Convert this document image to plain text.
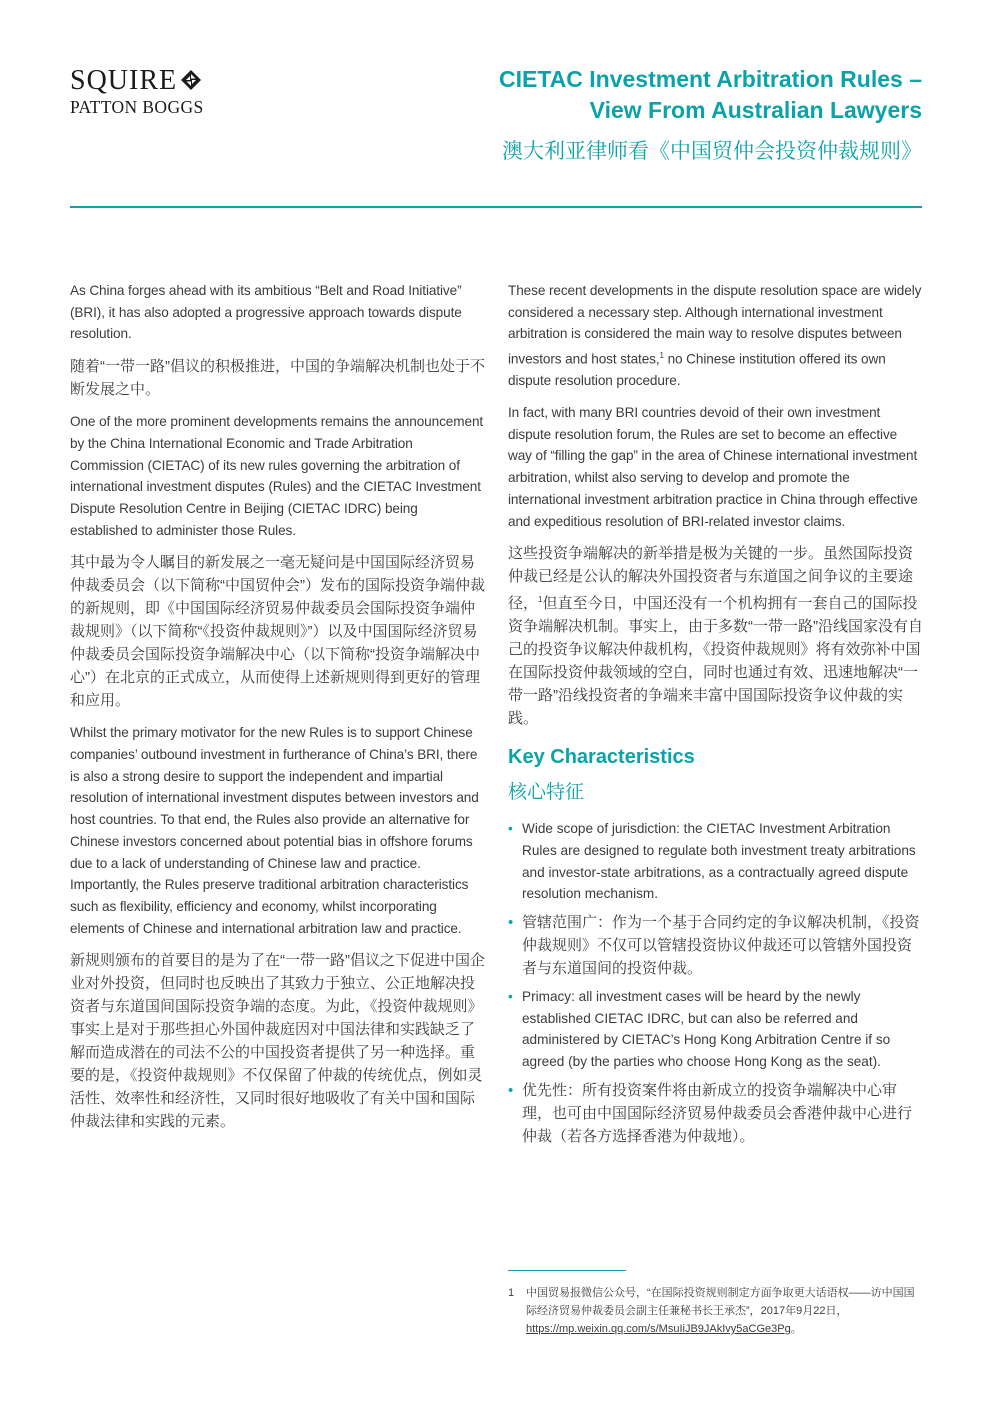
SQUIRE
PATTON BOGGS
CIETAC Investment Arbitration Rules –
View From Australian Lawyers
澳大利亚律师看《中国贸仲会投资仲裁规则》

As China forges ahead with its ambitious “Belt and Road Initiative” (BRI), it has also adopted a progressive approach towards dispute resolution.

随着“一带一路”倡议的积极推进，中国的争端解决机制也处于不断发展之中。

One of the more prominent developments remains the announcement by the China International Economic and Trade Arbitration Commission (CIETAC) of its new rules governing the arbitration of international investment disputes (Rules) and the CIETAC Investment Dispute Resolution Centre in Beijing (CIETAC IDRC) being established to administer those Rules.

其中最为令人瞩目的新发展之一毫无疑问是中国国际经济贸易仲裁委员会（以下简称“中国贸仲会”）发布的国际投资争端仲裁的新规则，即《中国国际经济贸易仲裁委员会国际投资争端仲裁规则》（以下简称“《投资仲裁规则》”）以及中国国际经济贸易仲裁委员会国际投资争端解决中心（以下简称“投资争端解决中心”）在北京的正式成立，从而使得上述新规则得到更好的管理和应用。

Whilst the primary motivator for the new Rules is to support Chinese companies’ outbound investment in furtherance of China’s BRI, there is also a strong desire to support the independent and impartial resolution of international investment disputes between investors and host countries. To that end, the Rules also provide an alternative for Chinese investors concerned about potential bias in offshore forums due to a lack of understanding of Chinese law and practice. Importantly, the Rules preserve traditional arbitration characteristics such as flexibility, efficiency and economy, whilst incorporating elements of Chinese and international arbitration law and practice.

新规则颁布的首要目的是为了在“一带一路”倡议之下促进中国企业对外投资，但同时也反映出了其致力于独立、公正地解决投资者与东道国间国际投资争端的态度。为此，《投资仲裁规则》事实上是对于那些担心外国仲裁庭因对中国法律和实践缺乏了解而造成潜在的司法不公的中国投资者提供了另一种选择。重要的是，《投资仲裁规则》不仅保留了仲裁的传统优点，例如灵活性、效率性和经济性，又同时很好地吸收了有关中国和国际仲裁法律和实践的元素。

These recent developments in the dispute resolution space are widely considered a necessary step. Although international investment arbitration is considered the main way to resolve disputes between investors and host states,$^1$ no Chinese institution offered its own dispute resolution procedure.

In fact, with many BRI countries devoid of their own investment dispute resolution forum, the Rules are set to become an effective way of “filling the gap” in the area of Chinese international investment arbitration, whilst also serving to develop and promote the international investment arbitration practice in China through effective and expeditious resolution of BRI-related investor claims.

这些投资争端解决的新举措是极为关键的一步。虽然国际投资仲裁已经是公认的解决外国投资者与东道国之间争议的主要途径，$^1$但直至今日，中国还没有一个机构拥有一套自己的国际投资争端解决机制。事实上，由于多数“一带一路”沿线国家没有自己的投资争议解决仲裁机构，《投资仲裁规则》将有效弥补中国在国际投资仲裁领域的空白，同时也通过有效、迅速地解决“一带一路”沿线投资者的争端来丰富中国国际投资争议仲裁的实践。

Key Characteristics
核心特征
• Wide scope of jurisdiction: the CIETAC Investment Arbitration Rules are designed to regulate both investment treaty arbitrations and investor-state arbitrations, as a contractually agreed dispute resolution mechanism.
• 管辖范围广：作为一个基于合同约定的争议解决机制，《投资仲裁规则》不仅可以管辖投资协议仲裁还可以管辖外国投资者与东道国间的投资仲裁。
• Primacy: all investment cases will be heard by the newly established CIETAC IDRC, but can also be referred and administered by CIETAC’s Hong Kong Arbitration Centre if so agreed (by the parties who choose Hong Kong as the seat).
• 优先性：所有投资案件将由新成立的投资争端解决中心审理，也可由中国国际经济贸易仲裁委员会香港仲裁中心进行仲裁（若各方选择香港为仲裁地）。
1	中国贸易报微信公众号，“在国际投资规则制定方面争取更大话语权——访中国国际经济贸易仲裁委员会副主任兼秘书长王承杰”，2017年9月22日，https://mp.weixin.qq.com/s/MsuIiJB9JAkIvy5aCGe3Pg。
